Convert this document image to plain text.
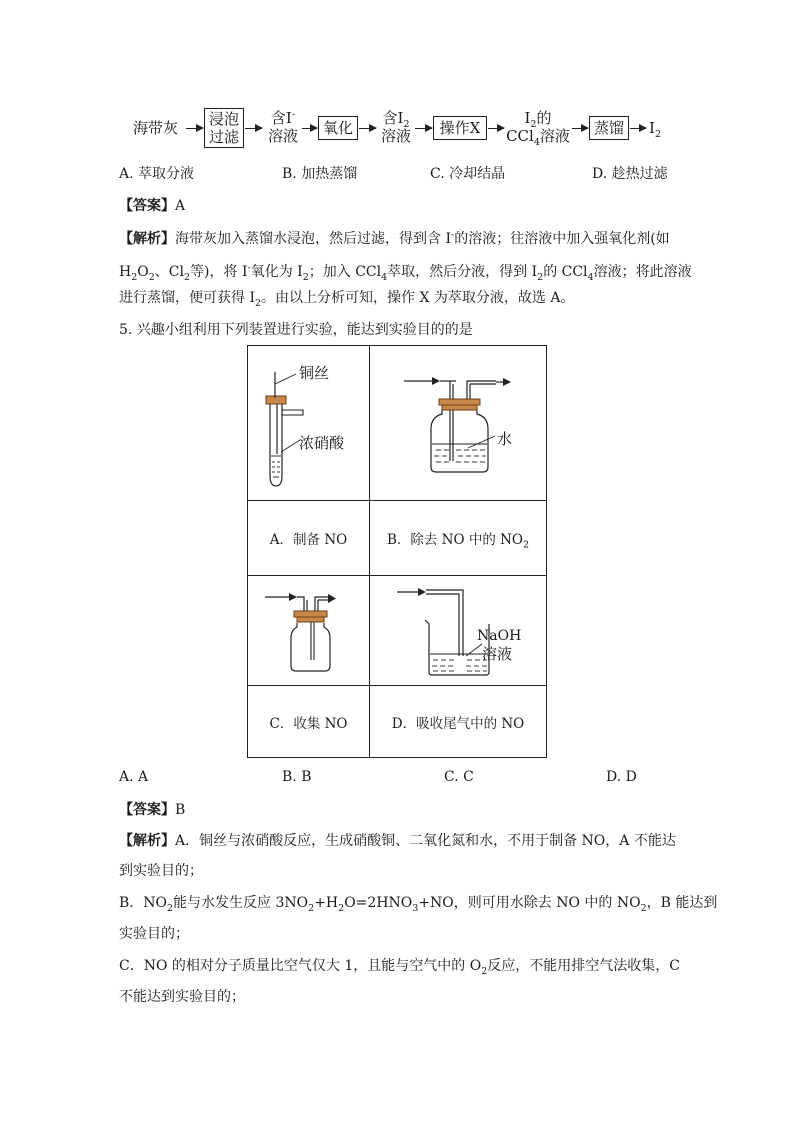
海带灰 浸泡
过滤
含I-
溶液	氧化
含$I_2$
溶液	操作X
$I_2$的
CCl$_4$溶液	蒸馏	$I_2$
A. 萃取分液	B. 加热蒸馏	C. 冷却结晶	D. 趁热过滤
【答案】A
【解析】海带灰加入蒸馏水浸泡，然后过滤，得到含 I-的溶液；往溶液中加入强氧化剂(如
$H_2O_2$、$Cl_2$等)，将 I-氧化为 $I_2$；加入 CCl$_4$萃取，然后分液，得到 $I_2$的 CCl$_4$溶液；将此溶液
进行蒸馏，便可获得 $I_2$。由以上分析可知，操作 X 为萃取分液，故选 A。
5. 兴趣小组利用下列装置进行实验，能达到实验目的的是
铜丝
浓硝酸	水

A．制备 NO	B．除去 NO 中的 $NO_2$

NaOH
溶液

C．收集 NO	D．吸收尾气中的 NO
A. A	B. B	C. C	D. D
【答案】B
【解析】A．铜丝与浓硝酸反应，生成硝酸铜、二氧化氮和水，不用于制备 NO，A 不能达
到实验目的；
B．$NO_2$能与水发生反应 $3NO_2+H_2O=2HNO_3+NO$，则可用水除去 NO 中的 $NO_2$，B 能达到
实验目的；
C．NO 的相对分子质量比空气仅大 1，且能与空气中的 $O_2$反应，不能用排空气法收集，C
不能达到实验目的；
